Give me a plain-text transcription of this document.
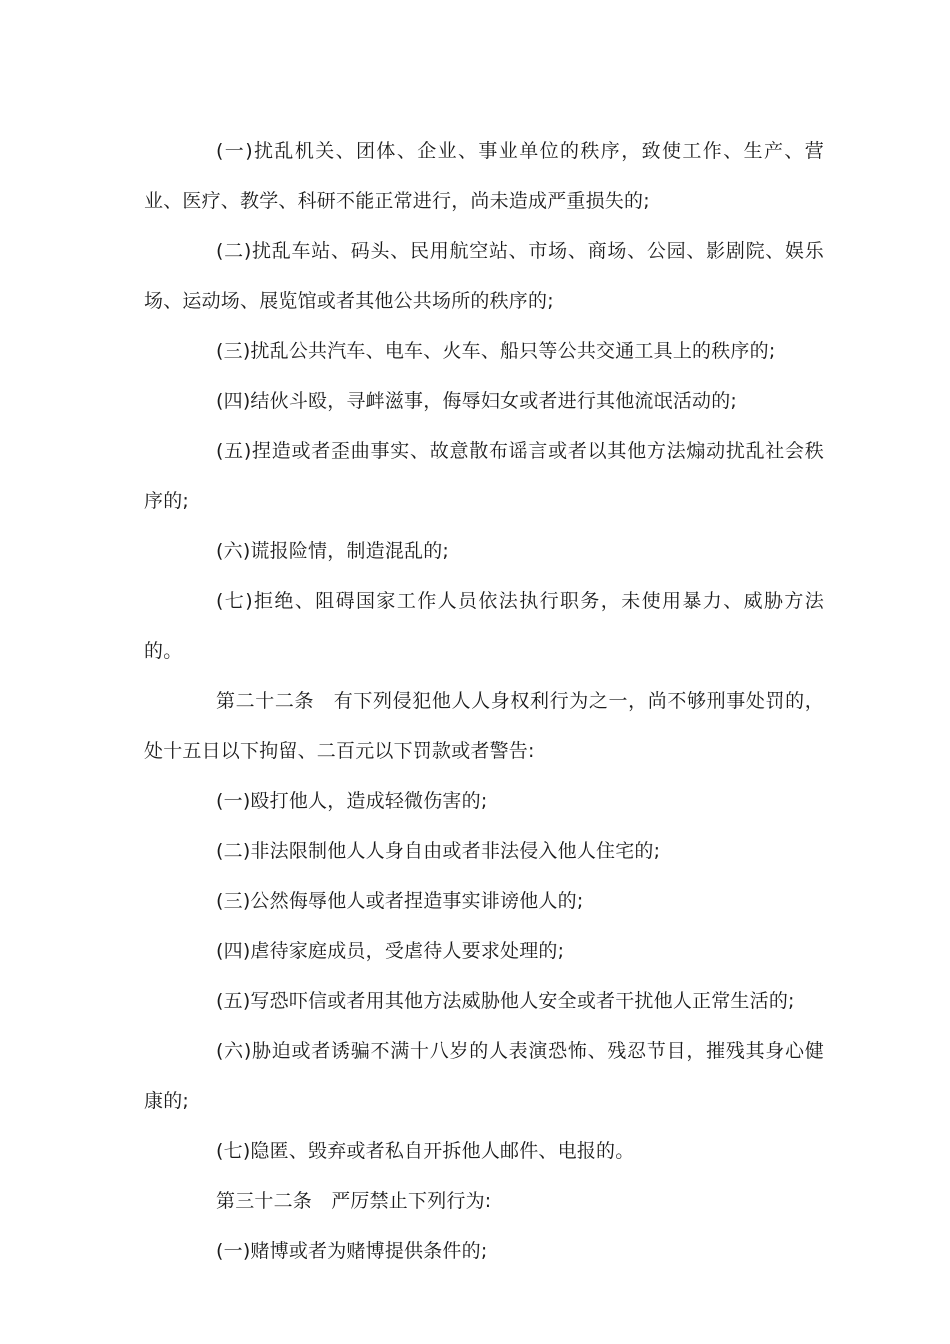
(一)扰乱机关、团体、企业、事业单位的秩序，致使工作、生产、营业、医疗、教学、科研不能正常进行，尚未造成严重损失的;

(二)扰乱车站、码头、民用航空站、市场、商场、公园、影剧院、娱乐场、运动场、展览馆或者其他公共场所的秩序的;

(三)扰乱公共汽车、电车、火车、船只等公共交通工具上的秩序的;

(四)结伙斗殴，寻衅滋事，侮辱妇女或者进行其他流氓活动的;

(五)捏造或者歪曲事实、故意散布谣言或者以其他方法煽动扰乱社会秩序的;

(六)谎报险情，制造混乱的;

(七)拒绝、阻碍国家工作人员依法执行职务，未使用暴力、威胁方法的。

第二十二条　有下列侵犯他人人身权利行为之一，尚不够刑事处罚的，处十五日以下拘留、二百元以下罚款或者警告:

(一)殴打他人，造成轻微伤害的;

(二)非法限制他人人身自由或者非法侵入他人住宅的;

(三)公然侮辱他人或者捏造事实诽谤他人的;

(四)虐待家庭成员，受虐待人要求处理的;

(五)写恐吓信或者用其他方法威胁他人安全或者干扰他人正常生活的;

(六)胁迫或者诱骗不满十八岁的人表演恐怖、残忍节目，摧残其身心健康的;

(七)隐匿、毁弃或者私自开拆他人邮件、电报的。

第三十二条　严厉禁止下列行为:

(一)赌博或者为赌博提供条件的;
